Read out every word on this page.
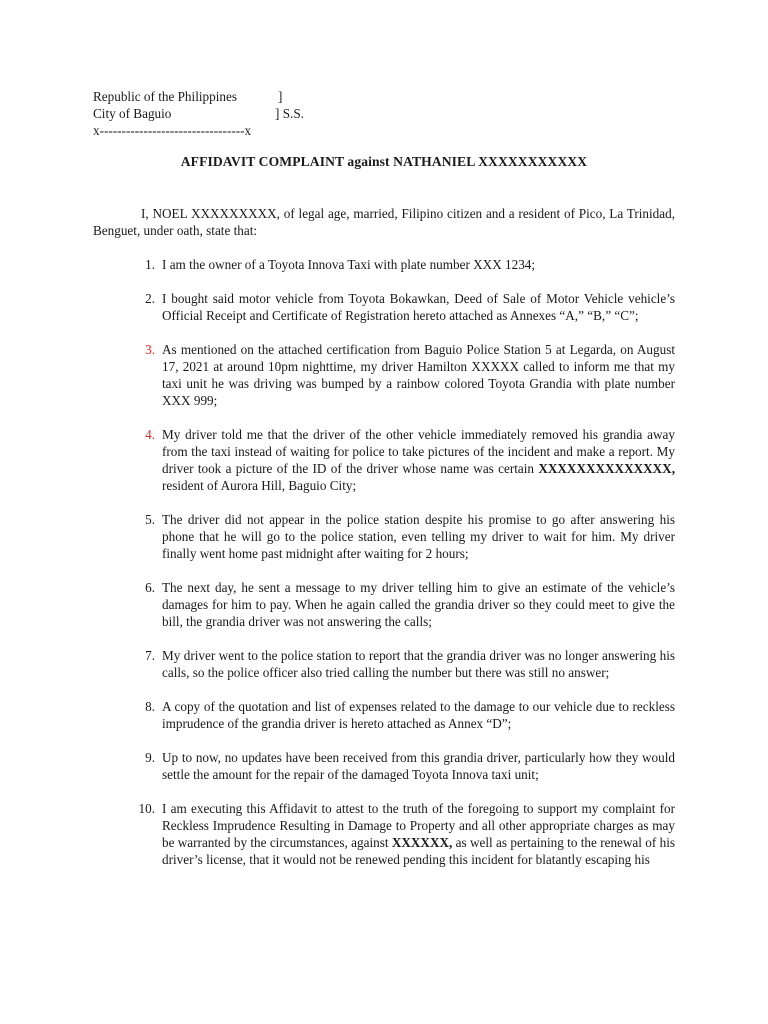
Republic of the Philippines	]
City of Baguio	] S.S.
x---------------------------------x
AFFIDAVIT COMPLAINT against NATHANIEL XXXXXXXXXXX
I, NOEL XXXXXXXXX, of legal age, married, Filipino citizen and a resident of Pico, La Trinidad, Benguet, under oath, state that:
1. I am the owner of a Toyota Innova Taxi with plate number XXX 1234;
2. I bought said motor vehicle from Toyota Bokawkan, Deed of Sale of Motor Vehicle vehicle’s Official Receipt and Certificate of Registration hereto attached as Annexes “A,” “B,” “C”;
3. As mentioned on the attached certification from Baguio Police Station 5 at Legarda, on August 17, 2021 at around 10pm nighttime, my driver Hamilton XXXXX called to inform me that my taxi unit he was driving was bumped by a rainbow colored Toyota Grandia with plate number XXX 999;
4. My driver told me that the driver of the other vehicle immediately removed his grandia away from the taxi instead of waiting for police to take pictures of the incident and make a report. My driver took a picture of the ID of the driver whose name was certain XXXXXXXXXXXXXX, resident of Aurora Hill, Baguio City;
5. The driver did not appear in the police station despite his promise to go after answering his phone that he will go to the police station, even telling my driver to wait for him. My driver finally went home past midnight after waiting for 2 hours;
6. The next day, he sent a message to my driver telling him to give an estimate of the vehicle’s damages for him to pay. When he again called the grandia driver so they could meet to give the bill, the grandia driver was not answering the calls;
7. My driver went to the police station to report that the grandia driver was no longer answering his calls, so the police officer also tried calling the number but there was still no answer;
8. A copy of the quotation and list of expenses related to the damage to our vehicle due to reckless imprudence of the grandia driver is hereto attached as Annex “D”;
9. Up to now, no updates have been received from this grandia driver, particularly how they would settle the amount for the repair of the damaged Toyota Innova taxi unit;
10. I am executing this Affidavit to attest to the truth of the foregoing to support my complaint for Reckless Imprudence Resulting in Damage to Property and all other appropriate charges as may be warranted by the circumstances, against XXXXXX, as well as pertaining to the renewal of his driver’s license, that it would not be renewed pending this incident for blatantly escaping his
